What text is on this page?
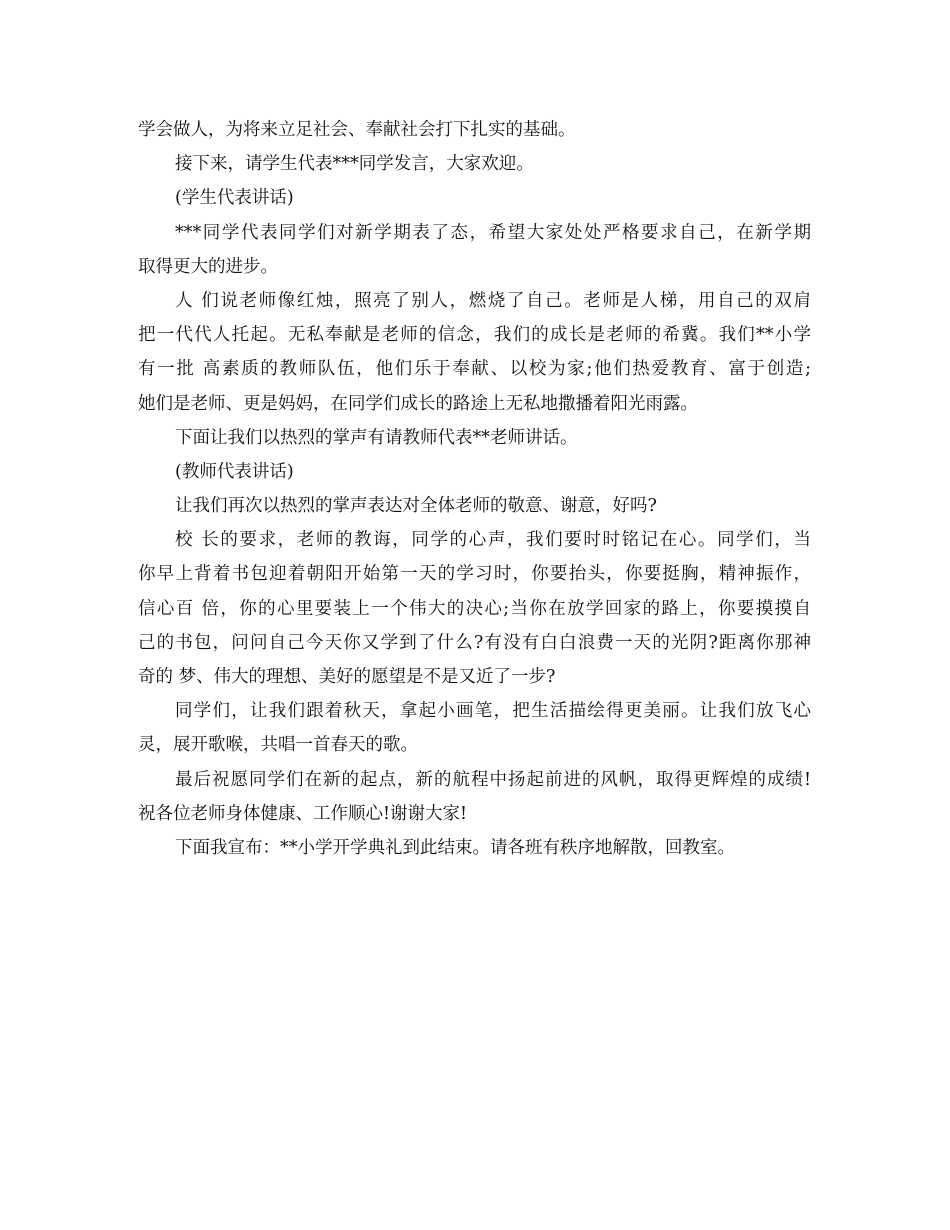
学会做人，为将来立足社会、奉献社会打下扎实的基础。
接下来，请学生代表***同学发言，大家欢迎。
(学生代表讲话)
***同学代表同学们对新学期表了态，希望大家处处严格要求自己，在新学期
取得更大的进步。
人 们说老师像红烛，照亮了别人，燃烧了自己。老师是人梯，用自己的双肩
把一代代人托起。无私奉献是老师的信念，我们的成长是老师的希冀。我们**小学
有一批 高素质的教师队伍，他们乐于奉献、以校为家;他们热爱教育、富于创造;
她们是老师、更是妈妈，在同学们成长的路途上无私地撒播着阳光雨露。
下面让我们以热烈的掌声有请教师代表**老师讲话。
(教师代表讲话)
让我们再次以热烈的掌声表达对全体老师的敬意、谢意，好吗?
校 长的要求，老师的教诲，同学的心声，我们要时时铭记在心。同学们，当
你早上背着书包迎着朝阳开始第一天的学习时，你要抬头，你要挺胸，精神振作，
信心百 倍，你的心里要装上一个伟大的决心;当你在放学回家的路上，你要摸摸自
己的书包，问问自己今天你又学到了什么?有没有白白浪费一天的光阴?距离你那神
奇的 梦、伟大的理想、美好的愿望是不是又近了一步?
同学们，让我们跟着秋天，拿起小画笔，把生活描绘得更美丽。让我们放飞心
灵，展开歌喉，共唱一首春天的歌。
最后祝愿同学们在新的起点，新的航程中扬起前进的风帆，取得更辉煌的成绩!
祝各位老师身体健康、工作顺心!谢谢大家!
下面我宣布：**小学开学典礼到此结束。请各班有秩序地解散，回教室。
